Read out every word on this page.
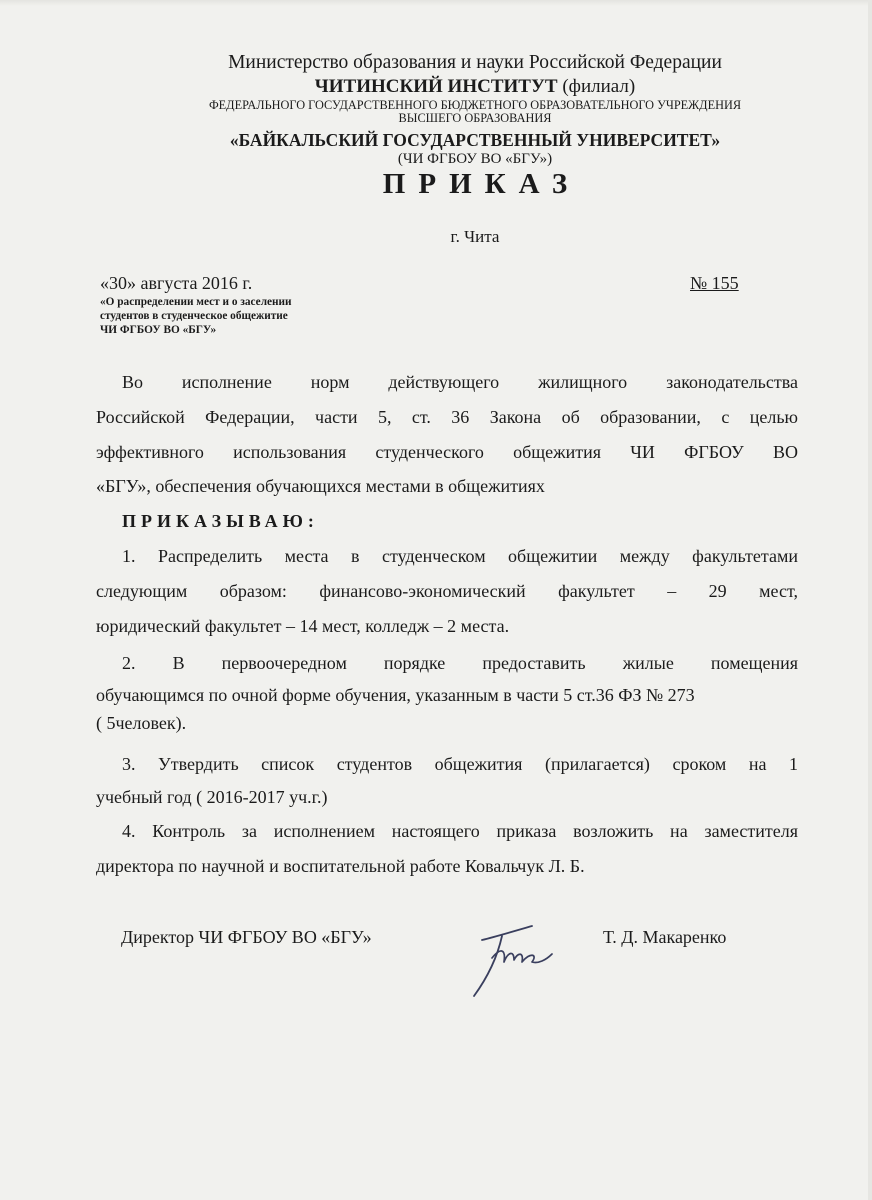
Министерство образования и науки Российской Федерации
ЧИТИНСКИЙ ИНСТИТУТ (филиал)
ФЕДЕРАЛЬНОГО ГОСУДАРСТВЕННОГО БЮДЖЕТНОГО ОБРАЗОВАТЕЛЬНОГО УЧРЕЖДЕНИЯ
ВЫСШЕГО ОБРАЗОВАНИЯ
«БАЙКАЛЬСКИЙ ГОСУДАРСТВЕННЫЙ УНИВЕРСИТЕТ»
(ЧИ ФГБОУ ВО «БГУ»)
ПРИКАЗ
г. Чита
«30» августа 2016 г.	№ 155
«О распределении мест и о заселении
студентов в студенческое общежитие
ЧИ ФГБОУ ВО «БГУ»
Во исполнение норм действующего жилищного законодательства
Российской Федерации, части 5, ст. 36 Закона об образовании, с целью
эффективного использования студенческого общежития ЧИ ФГБОУ ВО
«БГУ», обеспечения обучающихся местами в общежитиях
ПРИКАЗЫВАЮ:
1. Распределить места в студенческом общежитии между факультетами
следующим образом: финансово-экономический факультет – 29 мест,
юридический факультет – 14 мест, колледж – 2 места.
2. В первоочередном порядке предоставить жилые помещения
обучающимся по очной форме обучения, указанным в части 5 ст.36 ФЗ № 273
( 5человек).
3. Утвердить список студентов общежития (прилагается) сроком на 1
учебный год ( 2016-2017 уч.г.)
4. Контроль за исполнением настоящего приказа возложить на заместителя
директора по научной и воспитательной работе Ковальчук Л. Б.
Директор ЧИ ФГБОУ ВО «БГУ»	Т. Д. Макаренко
